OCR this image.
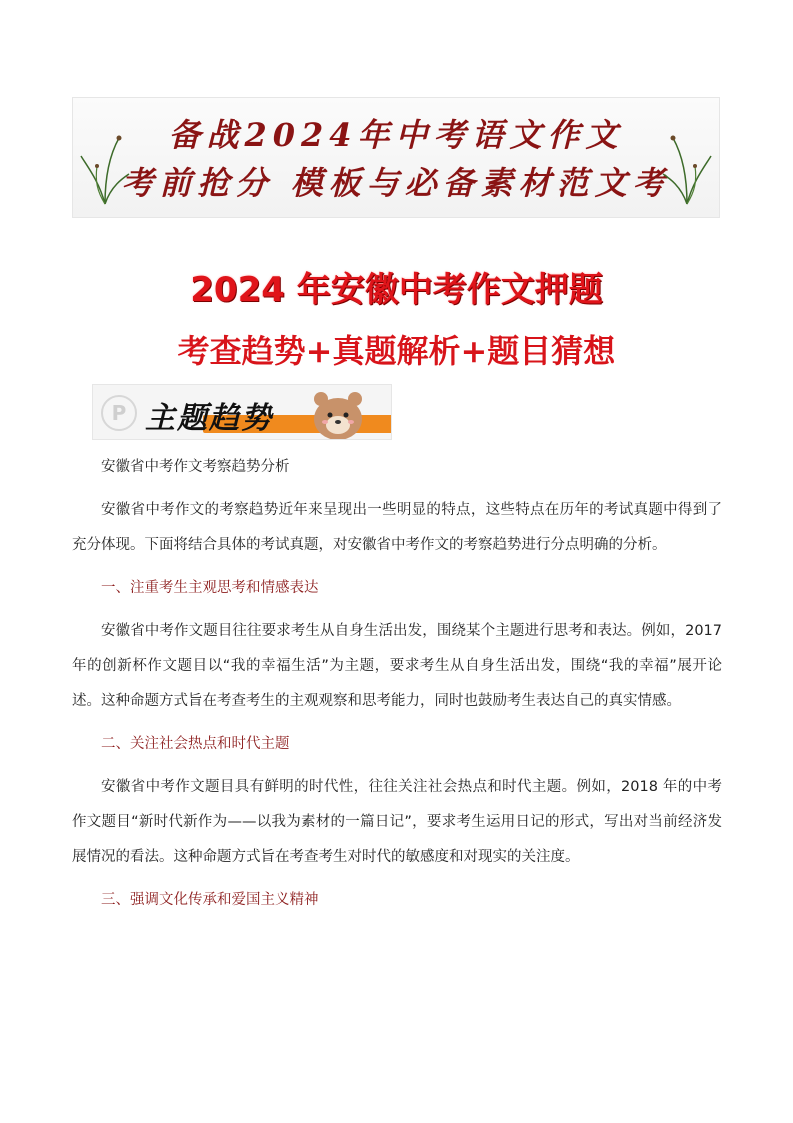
备战2024年中考语文作文
考前抢分 模板与必备素材范文考
2024 年安徽中考作文押题
考查趋势+真题解析+题目猜想
P 主题趋势

安徽省中考作文考察趋势分析

安徽省中考作文的考察趋势近年来呈现出一些明显的特点，这些特点在历年的考试真题中得到了充分体现。下面将结合具体的考试真题，对安徽省中考作文的考察趋势进行分点明确的分析。

一、注重考生主观思考和情感表达

安徽省中考作文题目往往要求考生从自身生活出发，围绕某个主题进行思考和表达。例如，2017 年的创新杯作文题目以“我的幸福生活”为主题，要求考生从自身生活出发，围绕“我的幸福”展开论述。这种命题方式旨在考查考生的主观观察和思考能力，同时也鼓励考生表达自己的真实情感。

二、关注社会热点和时代主题

安徽省中考作文题目具有鲜明的时代性，往往关注社会热点和时代主题。例如，2018 年的中考作文题目“新时代新作为——以我为素材的一篇日记”，要求考生运用日记的形式，写出对当前经济发展情况的看法。这种命题方式旨在考查考生对时代的敏感度和对现实的关注度。

三、强调文化传承和爱国主义精神
